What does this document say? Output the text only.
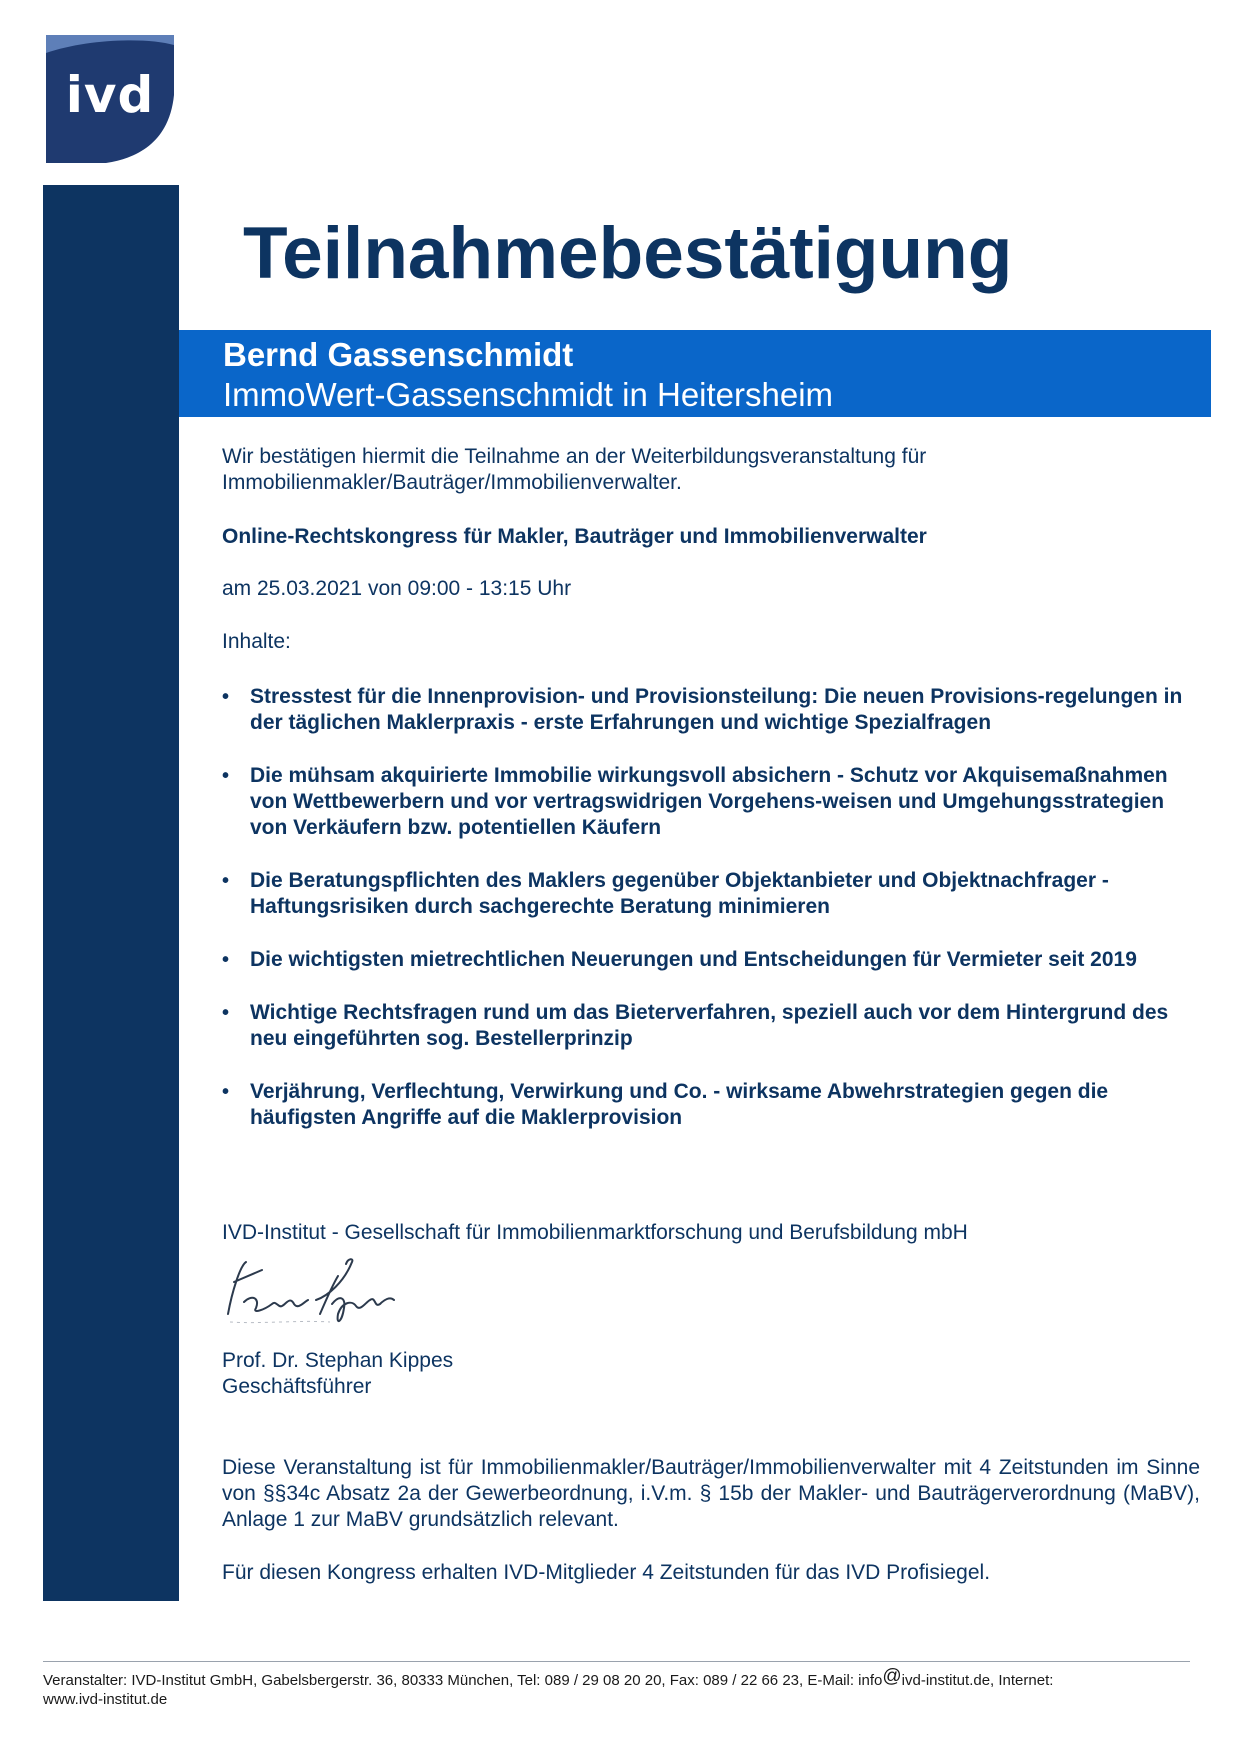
ivd
Teilnahmebestätigung
Bernd Gassenschmidt
ImmoWert-Gassenschmidt in Heitersheim
Wir bestätigen hiermit die Teilnahme an der Weiterbildungsveranstaltung für
Immobilienmakler/Bauträger/Immobilienverwalter.
Online-Rechtskongress für Makler, Bauträger und Immobilienverwalter
am 25.03.2021 von 09:00 - 13:15 Uhr
Inhalte:
• Stresstest für die Innenprovision- und Provisionsteilung: Die neuen Provisions-regelungen in der täglichen Maklerpraxis - erste Erfahrungen und wichtige Spezialfragen
• Die mühsam akquirierte Immobilie wirkungsvoll absichern - Schutz vor Akquisemaßnahmen von Wettbewerbern und vor vertragswidrigen Vorgehens-weisen und Umgehungsstrategien von Verkäufern bzw. potentiellen Käufern
• Die Beratungspflichten des Maklers gegenüber Objektanbieter und Objektnachfrager - Haftungsrisiken durch sachgerechte Beratung minimieren
• Die wichtigsten mietrechtlichen Neuerungen und Entscheidungen für Vermieter seit 2019
• Wichtige Rechtsfragen rund um das Bieterverfahren, speziell auch vor dem Hintergrund des neu eingeführten sog. Bestellerprinzip
• Verjährung, Verflechtung, Verwirkung und Co. - wirksame Abwehrstrategien gegen die häufigsten Angriffe auf die Maklerprovision
IVD-Institut - Gesellschaft für Immobilienmarktforschung und Berufsbildung mbH
Prof. Dr. Stephan Kippes
Geschäftsführer
Diese Veranstaltung ist für Immobilienmakler/Bauträger/Immobilienverwalter mit 4 Zeitstunden im Sinne von §§34c Absatz 2a der Gewerbeordnung, i.V.m. § 15b der Makler- und Bauträgerverordnung (MaBV), Anlage 1 zur MaBV grundsätzlich relevant.
Für diesen Kongress erhalten IVD-Mitglieder 4 Zeitstunden für das IVD Profisiegel.
Veranstalter: IVD-Institut GmbH, Gabelsbergerstr. 36, 80333 München, Tel: 089 / 29 08 20 20, Fax: 089 / 22 66 23, E-Mail: info@ivd-institut.de, Internet:
www.ivd-institut.de
